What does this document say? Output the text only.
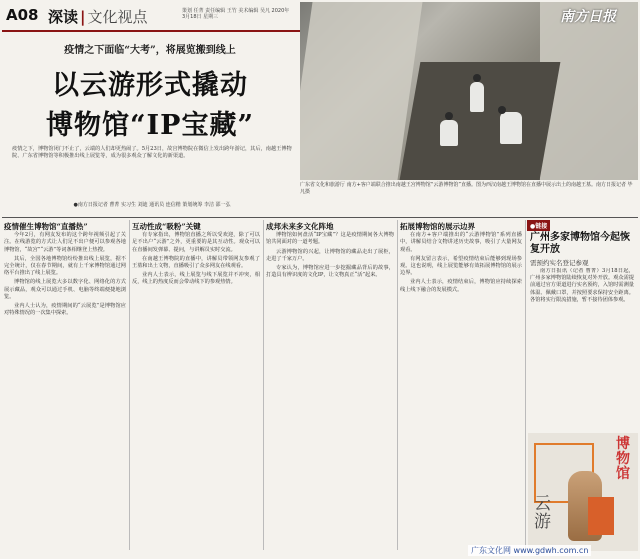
A08 深读 | 文化视点	策划 任菁 责任编辑 王竹 美术编辑 吴凡 2020年3月18日 星期三	南方日报
疫情之下面临“大考”，将展览搬到线上
以云游形式撬动
博物馆“IP宝藏”
疫情之下，博物馆闭门不止了，云端的人们却更热闹了。5月23日，故宫博物院在微信上发出跨年游记，其后，南越王博物院、广东省博物馆等积极推出线上展览等，成为很多观众了解文化的新渠道。
●南方日报记者 曹菁 实习生 刘迪 通讯员 连信楷 策划统筹 李洁 邵一弘
广东省文化和旅游厅 南方+客户端联合推出南越王宫博物馆“云游博物馆”直播。图为西汉南越王博物馆在直播中展示出土的南越王墓。南方日报记者 毕凡摄
疫情催生博物馆“直播热”

今年2月，有网友发布的这个跨年视频引起了关注。在线游览的方式让人们足不出户便可以参观各地博物馆，“故宫”“云游”等词条相继登上热搜。

其后，全国各地博物馆纷纷推出线上展览，据不完全统计，仅在春节期间，就有上千家博物馆通过网络平台推出了线上展览。

博物馆的线上展览大多以数字化、网络化的方式展示藏品，观众可以通过手机、电脑等终端便捷地浏览。

业内人士认为，疫情期间的“云展览”是博物馆应对特殊情况的一次集中探索。

互动性成“吸粉”关键

有专家指出，博物馆直播之所以受欢迎，除了可以足不出户“云游”之外，更重要的是其互动性。观众可以在直播间发弹幕、提问，与讲解员实时交流。

在南越王博物院的直播中，讲解员带领网友参观了王墓和出土文物，直播吸引了众多网友在线观看。

业内人士表示，线上展览与线下展览并不冲突，相反，线上的热度反而会带动线下的参观热情。

成邦未来多文化阵地

博物馆如何盘活“IP宝藏”？这是疫情期间各大博物馆共同面对的一道考题。

云游博物馆的兴起，让博物馆的藏品走出了展柜，走进了千家万户。

专家认为，博物馆应进一步挖掘藏品背后的故事，打造具有辨识度的文化IP，让文物真正“活”起来。

拓展博物馆的展示边界

在南方+客户端推出的“云游博物馆”系列直播中，讲解员结合文物讲述历史故事，吸引了大量网友观看。

有网友留言表示，希望疫情结束后能够到现场参观。这也说明，线上展览能够有效拓展博物馆的展示边界。

业内人士表示，疫情结束后，博物馆应持续探索线上线下融合的发展模式。

●链接
广州多家博物馆今起恢复开放
需预约实名登记参观

南方日报讯（记者 曹菁）3月18日起，广州多家博物馆陆续恢复对外开放。观众需提前通过官方渠道进行实名预约，入馆时需测量体温、佩戴口罩，并按照要求保持安全距离。各馆将实行限流措施，暂不接待团体参观。

博物馆
云游
广东文化网 www.gdwh.com.cn
